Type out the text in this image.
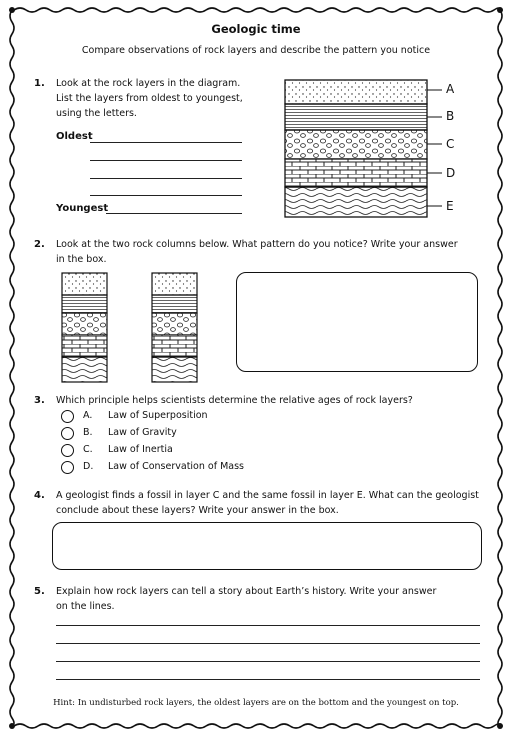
Geologic time
Compare observations of rock layers and describe the pattern you notice
1. Look at the rock layers in the diagram.
List the layers from oldest to youngest,
using the letters.
Oldest
Youngest
A
B
C
D
E
2. Look at the two rock columns below. What pattern do you notice? Write your answer
in the box.
3. Which principle helps scientists determine the relative ages of rock layers?
A. Law of Superposition
B. Law of Gravity
C. Law of Inertia
D. Law of Conservation of Mass
4. A geologist finds a fossil in layer C and the same fossil in layer E. What can the geologist
conclude about these layers? Write your answer in the box.
5. Explain how rock layers can tell a story about Earth’s history. Write your answer
on the lines.
Hint: In undisturbed rock layers, the oldest layers are on the bottom and the youngest on top.
